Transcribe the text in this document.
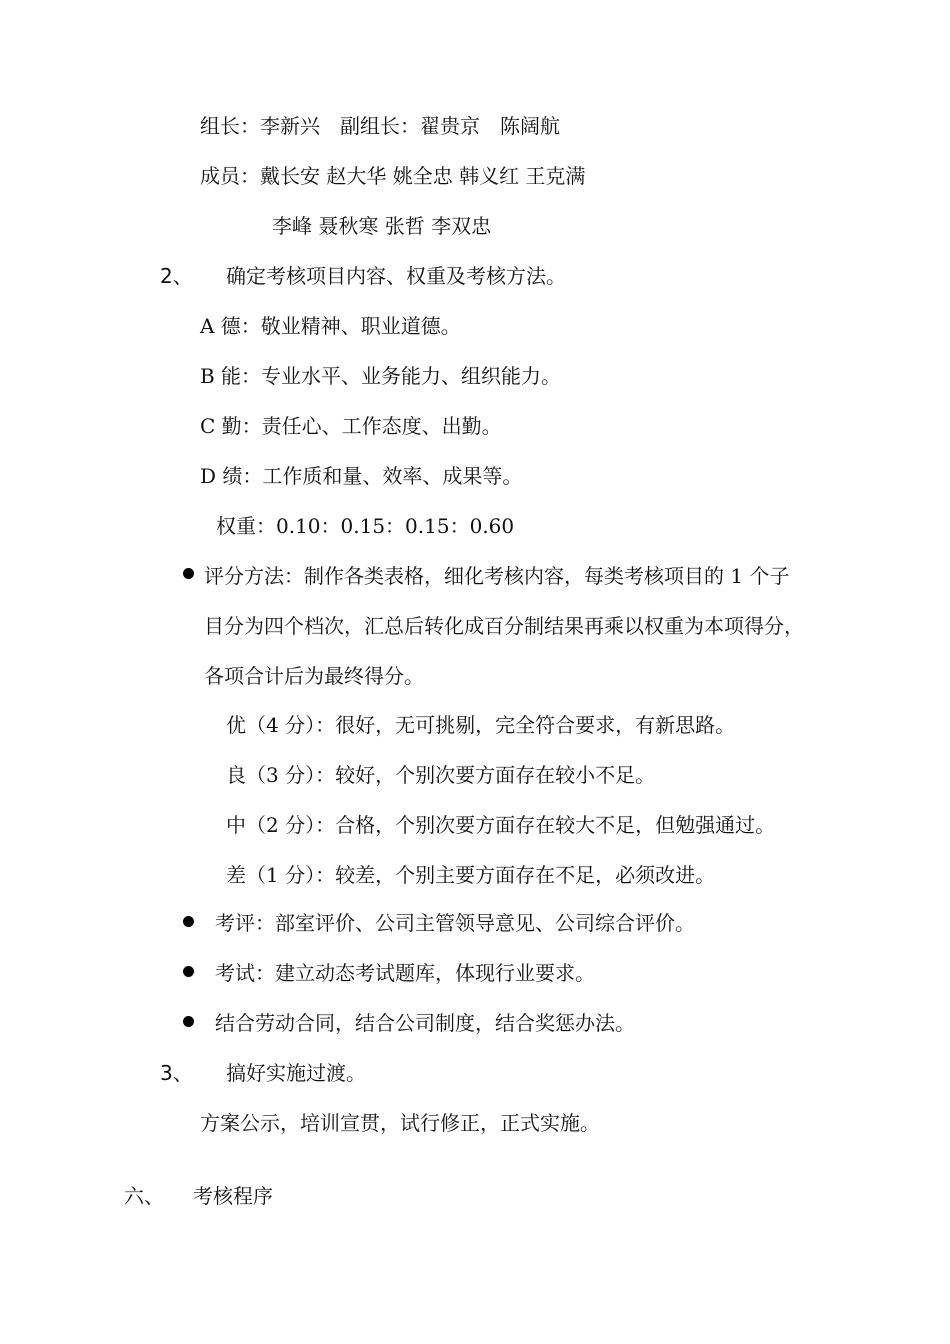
组长：李新兴　副组长：翟贵京　陈阔航
成员：戴长安 赵大华 姚全忠 韩义红 王克满
李峰 聂秋寒 张哲 李双忠
2、 确定考核项目内容、权重及考核方法。
A 德：敬业精神、职业道德。
B 能：专业水平、业务能力、组织能力。
C 勤：责任心、工作态度、出勤。
D 绩：工作质和量、效率、成果等。
权重：0.10：0.15：0.15：0.60
评分方法：制作各类表格，细化考核内容，每类考核项目的 1 个子
目分为四个档次，汇总后转化成百分制结果再乘以权重为本项得分，
各项合计后为最终得分。
优（4 分）：很好，无可挑剔，完全符合要求，有新思路。
良（3 分）：较好，个别次要方面存在较小不足。
中（2 分）：合格，个别次要方面存在较大不足，但勉强通过。
差（1 分）：较差，个别主要方面存在不足，必须改进。
考评：部室评价、公司主管领导意见、公司综合评价。
考试：建立动态考试题库，体现行业要求。
结合劳动合同，结合公司制度，结合奖惩办法。
3、 搞好实施过渡。
方案公示，培训宣贯，试行修正，正式实施。
六、 考核程序
